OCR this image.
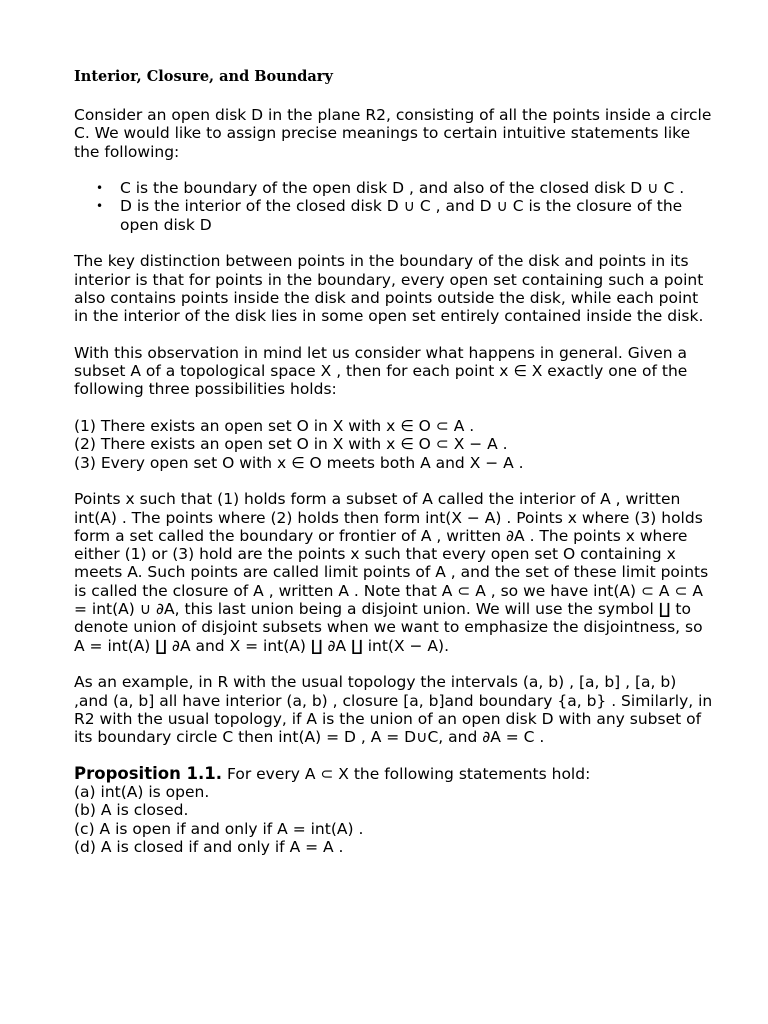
Interior, Closure, and Boundary

Consider an open disk D in the plane R2, consisting of all the points inside a circle C. We would like to assign precise meanings to certain intuitive statements like the following:

• C is the boundary of the open disk D , and also of the closed disk D ∪ C .
• D is the interior of the closed disk D ∪ C , and D ∪ C is the closure of the open disk D

The key distinction between points in the boundary of the disk and points in its interior is that for points in the boundary, every open set containing such a point also contains points inside the disk and points outside the disk, while each point in the interior of the disk lies in some open set entirely contained inside the disk.

With this observation in mind let us consider what happens in general. Given a subset A of a topological space X , then for each point x ∈ X exactly one of the following three possibilities holds:

(1) There exists an open set O in X with x ∈ O ⊂ A .

(2) There exists an open set O in X with x ∈ O ⊂ X − A .

(3) Every open set O with x ∈ O meets both A and X − A .

Points x such that (1) holds form a subset of A called the interior of A , written int(A) . The points where (2) holds then form int(X − A) . Points x where (3) holds form a set called the boundary or frontier of A , written ∂A . The points x where either (1) or (3) hold are the points x such that every open set O containing x meets A. Such points are called limit points of A , and the set of these limit points is called the closure of A , written A . Note that A ⊂ A , so we have int(A) ⊂ A ⊂ A = int(A) ∪ ∂A, this last union being a disjoint union. We will use the symbol ∐ to denote union of disjoint subsets when we want to emphasize the disjointness, so A = int(A) ∐ ∂A and X = int(A) ∐ ∂A ∐ int(X − A).

As an example, in R with the usual topology the intervals (a, b) , [a, b] , [a, b) ,and (a, b] all have interior (a, b) , closure [a, b]and boundary {a, b} . Similarly, in R2 with the usual topology, if A is the union of an open disk D with any subset of its boundary circle C then int(A) = D , A = D∪C, and ∂A = C .

Proposition 1.1. For every A ⊂ X the following statements hold:

(a) int(A) is open.

(b) A is closed.

(c) A is open if and only if A = int(A) .

(d) A is closed if and only if A = A .
